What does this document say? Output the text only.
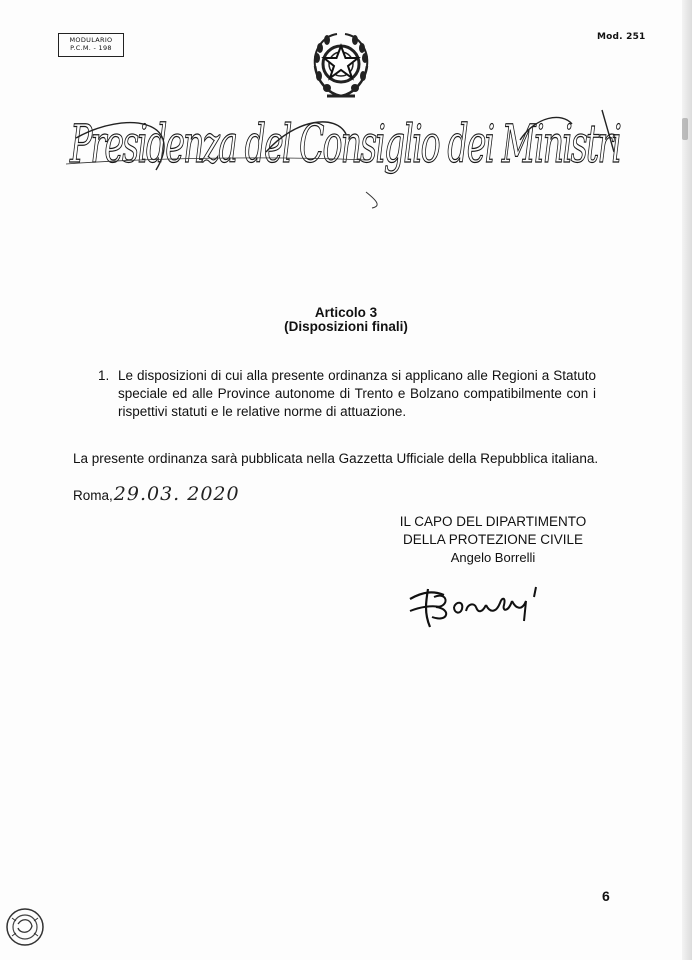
MODULARIO
P.C.M. - 198
Mod. 251
Presidenza del Consiglio dei Ministri
Articolo 3
(Disposizioni finali)
1. Le disposizioni di cui alla presente ordinanza si applicano alle Regioni a Statuto speciale ed alle Province autonome di Trento e Bolzano compatibilmente con i rispettivi statuti e le relative norme di attuazione.
La presente ordinanza sarà pubblicata nella Gazzetta Ufficiale della Repubblica italiana.
Roma, 29.03. 2020
IL CAPO DEL DIPARTIMENTO
DELLA PROTEZIONE CIVILE
Angelo Borrelli
6
